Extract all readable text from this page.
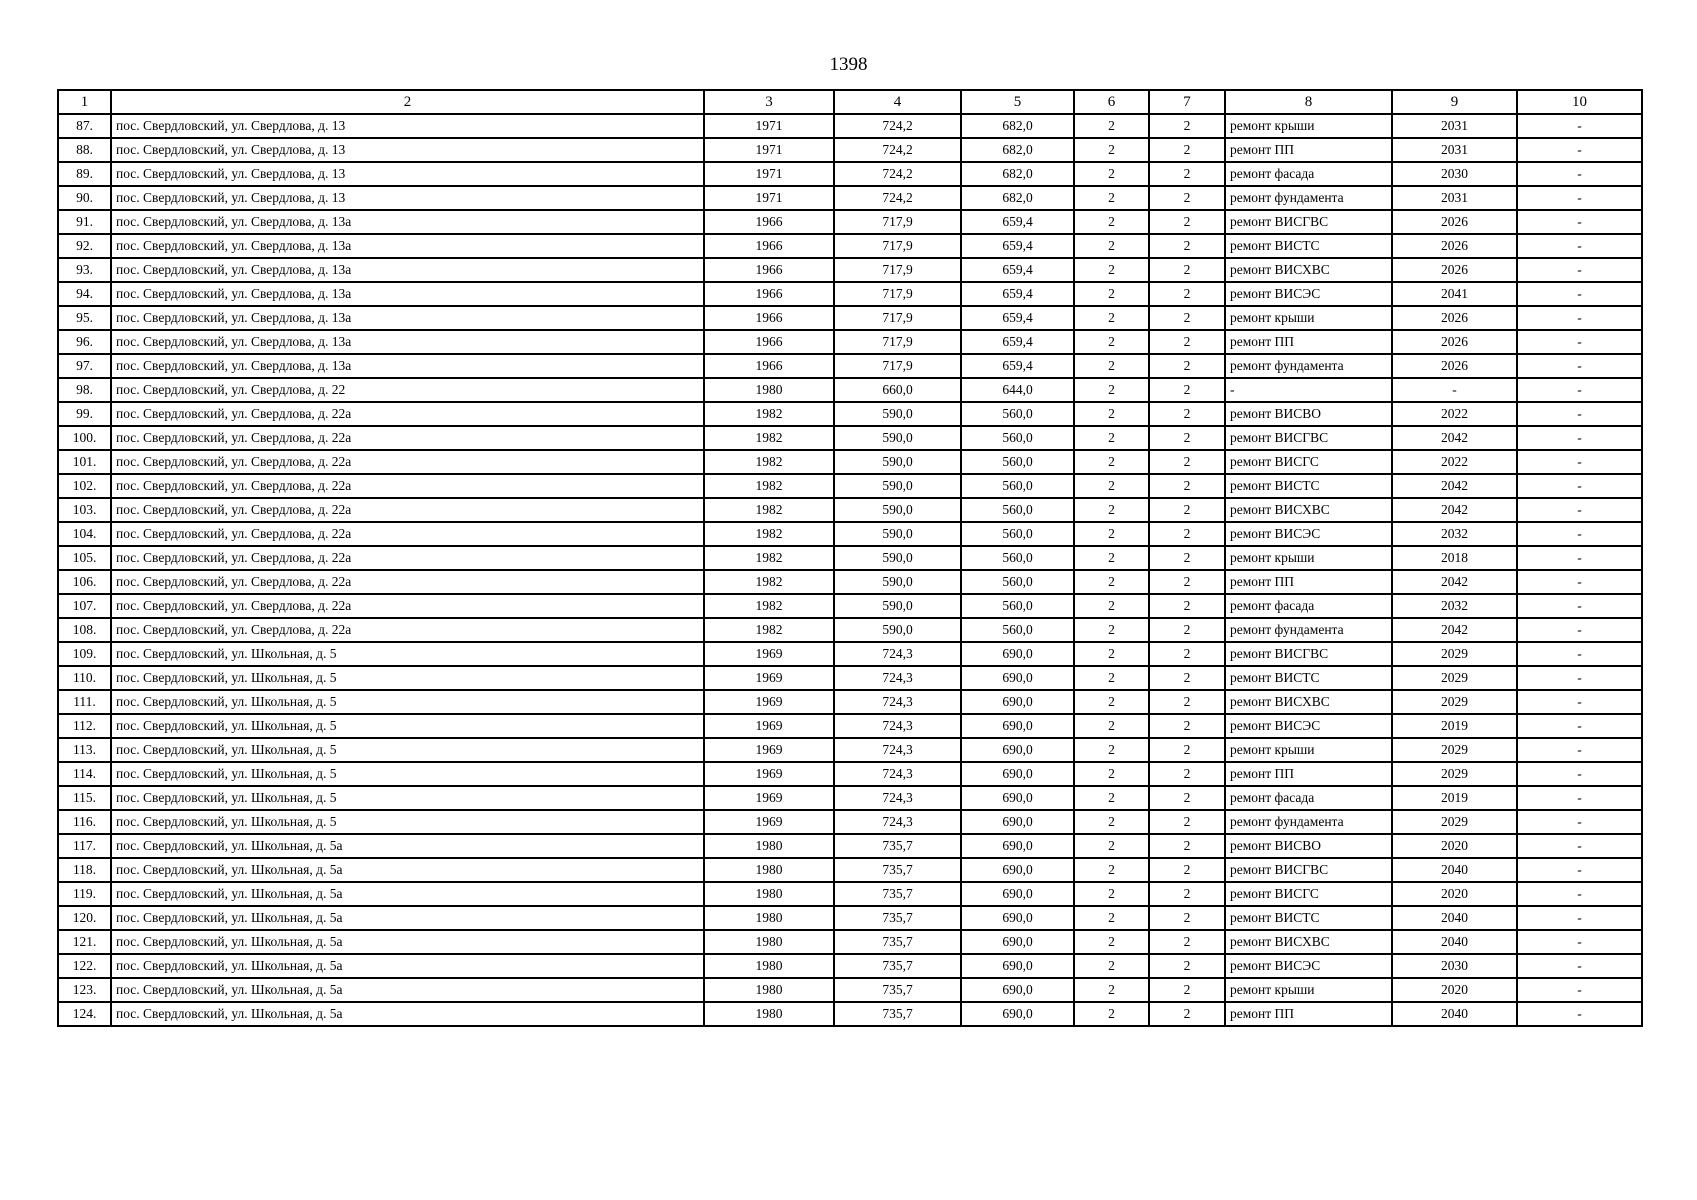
1398
1	2	3	4	5	6	7	8	9	10
87.	пос. Свердловский, ул. Свердлова, д. 13	1971	724,2	682,0	2	2	ремонт крыши	2031	-
88.	пос. Свердловский, ул. Свердлова, д. 13	1971	724,2	682,0	2	2	ремонт ПП	2031	-
89.	пос. Свердловский, ул. Свердлова, д. 13	1971	724,2	682,0	2	2	ремонт фасада	2030	-
90.	пос. Свердловский, ул. Свердлова, д. 13	1971	724,2	682,0	2	2	ремонт фундамента	2031	-
91.	пос. Свердловский, ул. Свердлова, д. 13а	1966	717,9	659,4	2	2	ремонт ВИСГВС	2026	-
92.	пос. Свердловский, ул. Свердлова, д. 13а	1966	717,9	659,4	2	2	ремонт ВИСТС	2026	-
93.	пос. Свердловский, ул. Свердлова, д. 13а	1966	717,9	659,4	2	2	ремонт ВИСХВС	2026	-
94.	пос. Свердловский, ул. Свердлова, д. 13а	1966	717,9	659,4	2	2	ремонт ВИСЭС	2041	-
95.	пос. Свердловский, ул. Свердлова, д. 13а	1966	717,9	659,4	2	2	ремонт крыши	2026	-
96.	пос. Свердловский, ул. Свердлова, д. 13а	1966	717,9	659,4	2	2	ремонт ПП	2026	-
97.	пос. Свердловский, ул. Свердлова, д. 13а	1966	717,9	659,4	2	2	ремонт фундамента	2026	-
98.	пос. Свердловский, ул. Свердлова, д. 22	1980	660,0	644,0	2	2	-	-	-
99.	пос. Свердловский, ул. Свердлова, д. 22а	1982	590,0	560,0	2	2	ремонт ВИСВО	2022	-
100.	пос. Свердловский, ул. Свердлова, д. 22а	1982	590,0	560,0	2	2	ремонт ВИСГВС	2042	-
101.	пос. Свердловский, ул. Свердлова, д. 22а	1982	590,0	560,0	2	2	ремонт ВИСГС	2022	-
102.	пос. Свердловский, ул. Свердлова, д. 22а	1982	590,0	560,0	2	2	ремонт ВИСТС	2042	-
103.	пос. Свердловский, ул. Свердлова, д. 22а	1982	590,0	560,0	2	2	ремонт ВИСХВС	2042	-
104.	пос. Свердловский, ул. Свердлова, д. 22а	1982	590,0	560,0	2	2	ремонт ВИСЭС	2032	-
105.	пос. Свердловский, ул. Свердлова, д. 22а	1982	590,0	560,0	2	2	ремонт крыши	2018	-
106.	пос. Свердловский, ул. Свердлова, д. 22а	1982	590,0	560,0	2	2	ремонт ПП	2042	-
107.	пос. Свердловский, ул. Свердлова, д. 22а	1982	590,0	560,0	2	2	ремонт фасада	2032	-
108.	пос. Свердловский, ул. Свердлова, д. 22а	1982	590,0	560,0	2	2	ремонт фундамента	2042	-
109.	пос. Свердловский, ул. Школьная, д. 5	1969	724,3	690,0	2	2	ремонт ВИСГВС	2029	-
110.	пос. Свердловский, ул. Школьная, д. 5	1969	724,3	690,0	2	2	ремонт ВИСТС	2029	-
111.	пос. Свердловский, ул. Школьная, д. 5	1969	724,3	690,0	2	2	ремонт ВИСХВС	2029	-
112.	пос. Свердловский, ул. Школьная, д. 5	1969	724,3	690,0	2	2	ремонт ВИСЭС	2019	-
113.	пос. Свердловский, ул. Школьная, д. 5	1969	724,3	690,0	2	2	ремонт крыши	2029	-
114.	пос. Свердловский, ул. Школьная, д. 5	1969	724,3	690,0	2	2	ремонт ПП	2029	-
115.	пос. Свердловский, ул. Школьная, д. 5	1969	724,3	690,0	2	2	ремонт фасада	2019	-
116.	пос. Свердловский, ул. Школьная, д. 5	1969	724,3	690,0	2	2	ремонт фундамента	2029	-
117.	пос. Свердловский, ул. Школьная, д. 5а	1980	735,7	690,0	2	2	ремонт ВИСВО	2020	-
118.	пос. Свердловский, ул. Школьная, д. 5а	1980	735,7	690,0	2	2	ремонт ВИСГВС	2040	-
119.	пос. Свердловский, ул. Школьная, д. 5а	1980	735,7	690,0	2	2	ремонт ВИСГС	2020	-
120.	пос. Свердловский, ул. Школьная, д. 5а	1980	735,7	690,0	2	2	ремонт ВИСТС	2040	-
121.	пос. Свердловский, ул. Школьная, д. 5а	1980	735,7	690,0	2	2	ремонт ВИСХВС	2040	-
122.	пос. Свердловский, ул. Школьная, д. 5а	1980	735,7	690,0	2	2	ремонт ВИСЭС	2030	-
123.	пос. Свердловский, ул. Школьная, д. 5а	1980	735,7	690,0	2	2	ремонт крыши	2020	-
124.	пос. Свердловский, ул. Школьная, д. 5а	1980	735,7	690,0	2	2	ремонт ПП	2040	-
